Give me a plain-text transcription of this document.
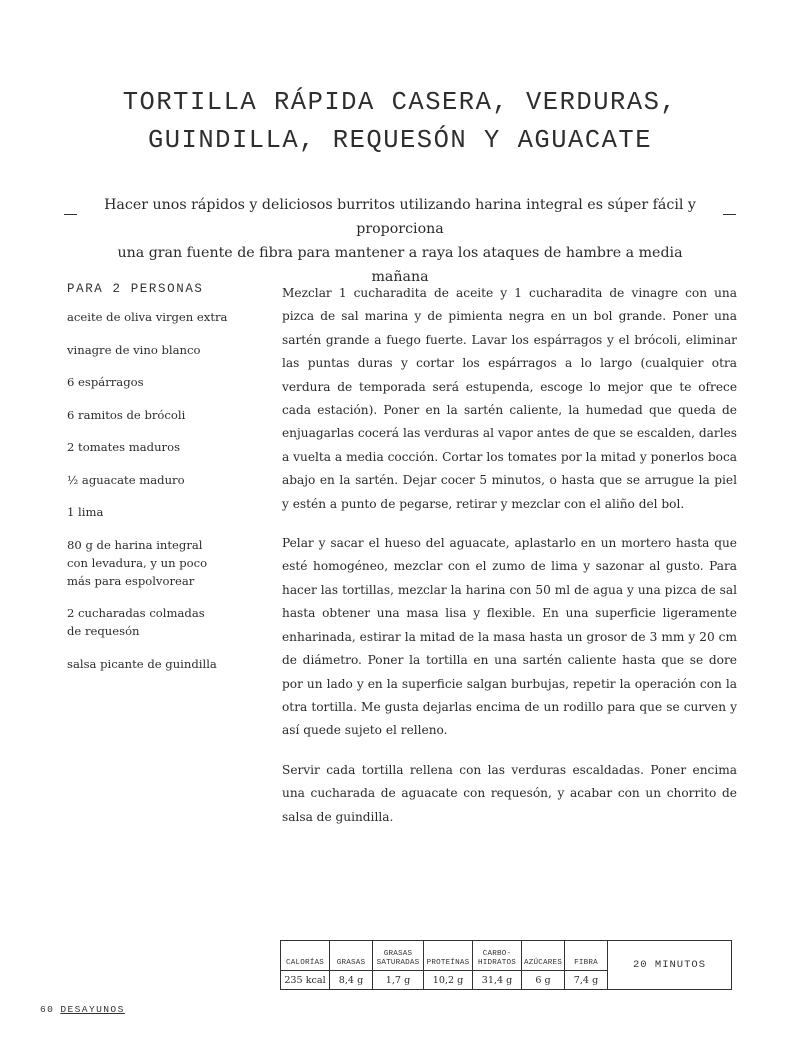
TORTILLA RÁPIDA CASERA, VERDURAS,
GUINDILLA, REQUESÓN Y AGUACATE

Hacer unos rápidos y deliciosos burritos utilizando harina integral es súper fácil y proporciona
una gran fuente de fibra para mantener a raya los ataques de hambre a media mañana

PARA 2 PERSONAS
aceite de oliva virgen extra
vinagre de vino blanco
6 espárragos
6 ramitos de brócoli
2 tomates maduros
½ aguacate maduro
1 lima
80 g de harina integral
con levadura, y un poco
más para espolvorear
2 cucharadas colmadas
de requesón
salsa picante de guindilla

Mezclar 1 cucharadita de aceite y 1 cucharadita de vinagre con una pizca de sal marina y de pimienta negra en un bol grande. Poner una sartén grande a fuego fuerte. Lavar los espárragos y el brócoli, eliminar las puntas duras y cortar los espárragos a lo largo (cualquier otra verdura de temporada será estupenda, escoge lo mejor que te ofrece cada estación). Poner en la sartén caliente, la humedad que queda de enjuagarlas cocerá las verduras al vapor antes de que se escalden, darles a vuelta a media cocción. Cortar los tomates por la mitad y ponerlos boca abajo en la sartén. Dejar cocer 5 minutos, o hasta que se arrugue la piel y estén a punto de pegarse, retirar y mezclar con el aliño del bol.

Pelar y sacar el hueso del aguacate, aplastarlo en un mortero hasta que esté homogéneo, mezclar con el zumo de lima y sazonar al gusto. Para hacer las tortillas, mezclar la harina con 50 ml de agua y una pizca de sal hasta obtener una masa lisa y flexible. En una superficie ligeramente enharinada, estirar la mitad de la masa hasta un grosor de 3 mm y 20 cm de diámetro. Poner la tortilla en una sartén caliente hasta que se dore por un lado y en la superficie salgan burbujas, repetir la operación con la otra tortilla. Me gusta dejarlas encima de un rodillo para que se curven y así quede sujeto el relleno.

Servir cada tortilla rellena con las verduras escaldadas. Poner encima una cucharada de aguacate con requesón, y acabar con un chorrito de salsa de guindilla.

CALORÍAS
235 kcal
GRASAS
8,4 g
GRASAS
SATURADAS
1,7 g
PROTEÍNAS
10,2 g
CARBO-
HIDRATOS
31,4 g
AZÚCARES
6 g
FIBRA
7,4 g
20 MINUTOS
60 DESAYUNOS
